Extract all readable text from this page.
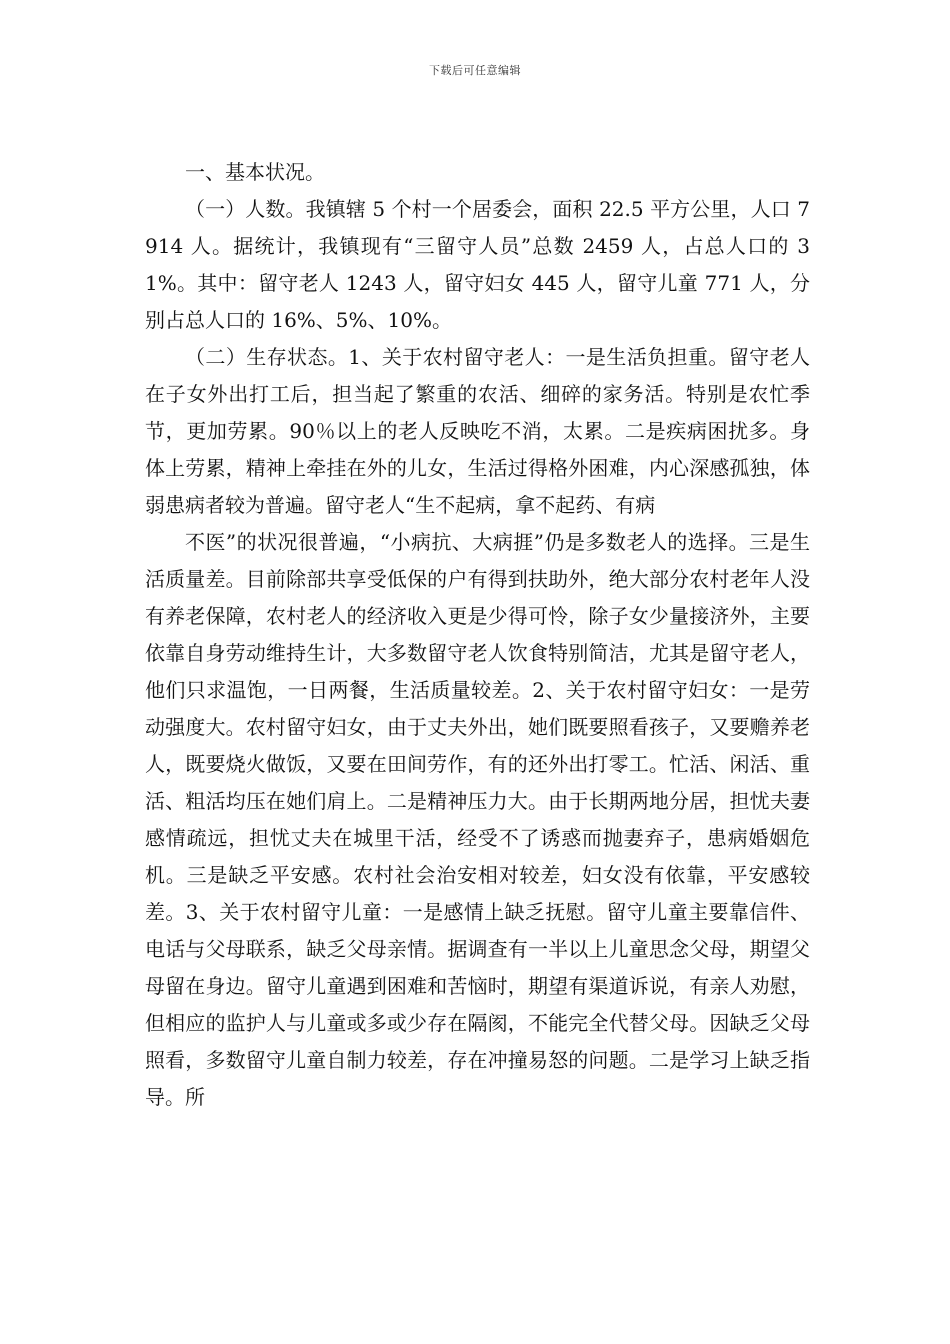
下载后可任意编辑

一、基本状况。

（一）人数。我镇辖 5 个村一个居委会，面积 22.5 平方公里，人口 7914 人。据统计，我镇现有“三留守人员”总数 2459 人，占总人口的 31%。其中：留守老人 1243 人，留守妇女 445 人，留守儿童 771 人，分别占总人口的 16%、5%、10%。

（二）生存状态。1、关于农村留守老人：一是生活负担重。留守老人在子女外出打工后，担当起了繁重的农活、细碎的家务活。特别是农忙季节，更加劳累。90％以上的老人反映吃不消，太累。二是疾病困扰多。身体上劳累，精神上牵挂在外的儿女，生活过得格外困难，内心深感孤独，体弱患病者较为普遍。留守老人“生不起病，拿不起药、有病

不医”的状况很普遍，“小病抗、大病捱”仍是多数老人的选择。三是生活质量差。目前除部共享受低保的户有得到扶助外，绝大部分农村老年人没有养老保障，农村老人的经济收入更是少得可怜，除子女少量接济外，主要依靠自身劳动维持生计，大多数留守老人饮食特别简洁，尤其是留守老人，他们只求温饱，一日两餐，生活质量较差。2、关于农村留守妇女：一是劳动强度大。农村留守妇女，由于丈夫外出，她们既要照看孩子，又要赡养老人，既要烧火做饭，又要在田间劳作，有的还外出打零工。忙活、闲活、重活、粗活均压在她们肩上。二是精神压力大。由于长期两地分居，担忧夫妻感情疏远，担忧丈夫在城里干活，经受不了诱惑而抛妻弃子，患病婚姻危机。三是缺乏平安感。农村社会治安相对较差，妇女没有依靠，平安感较差。3、关于农村留守儿童：一是感情上缺乏抚慰。留守儿童主要靠信件、电话与父母联系，缺乏父母亲情。据调查有一半以上儿童思念父母，期望父母留在身边。留守儿童遇到困难和苦恼时，期望有渠道诉说，有亲人劝慰，但相应的监护人与儿童或多或少存在隔阂，不能完全代替父母。因缺乏父母照看，多数留守儿童自制力较差，存在冲撞易怒的问题。二是学习上缺乏指导。所
